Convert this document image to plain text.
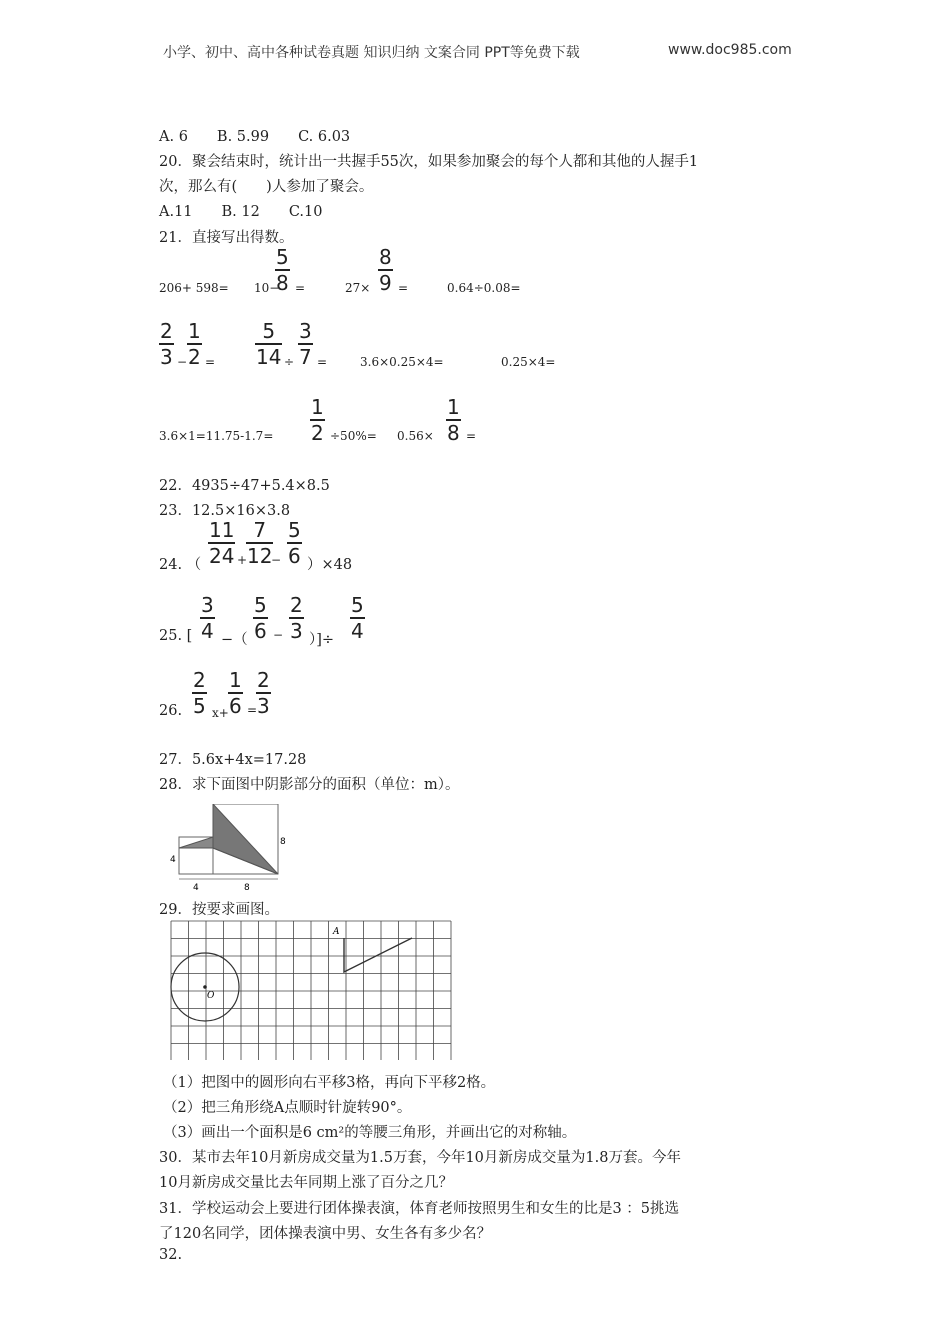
小学、初中、高中各种试卷真题 知识归纳 文案合同 PPT等免费下载	www.doc985.com
A. 6　　B. 5.99　　C. 6.03
20．聚会结束时，统计出一共握手55次，如果参加聚会的每个人都和其他的人握手1
次，那么有(　　)人参加了聚会。
A.11　　B. 12　　C.10
21．直接写出得数。
206+ 598= 10−
5
8 =	27×
8
9 =	0.64÷0.08=
2
3 −
1
2 =
5
14 ÷
3
7 =	3.6×0.25×4=	0.25×4=
3.6×1=11.75-1.7=
1
2 ÷50%= 0.56×
1
8 =
22．4935÷47+5.4×8.5
23．12.5×16×3.8
24. （
11
24 +
7
12
−
5
6 ）×48
25. [
3
4 −（
5
6 −
2
3 ）]÷
5
4
26.
2
5 x+
1
6 =
2
3
27．5.6x+4x=17.28
28．求下面图中阴影部分的面积（单位：m）。
4
8
4	8
29．按要求画图。
O
A
（1）把图中的圆形向右平移3格，再向下平移2格。
（2）把三角形绕A点顺时针旋转90°。
（3）画出一个面积是6 cm²的等腰三角形，并画出它的对称轴。
30．某市去年10月新房成交量为1.5万套，今年10月新房成交量为1.8万套。今年
10月新房成交量比去年同期上涨了百分之几？
31．学校运动会上要进行团体操表演，体育老师按照男生和女生的比是3 ：5挑选
了120名同学，团体操表演中男、女生各有多少名？
32.
